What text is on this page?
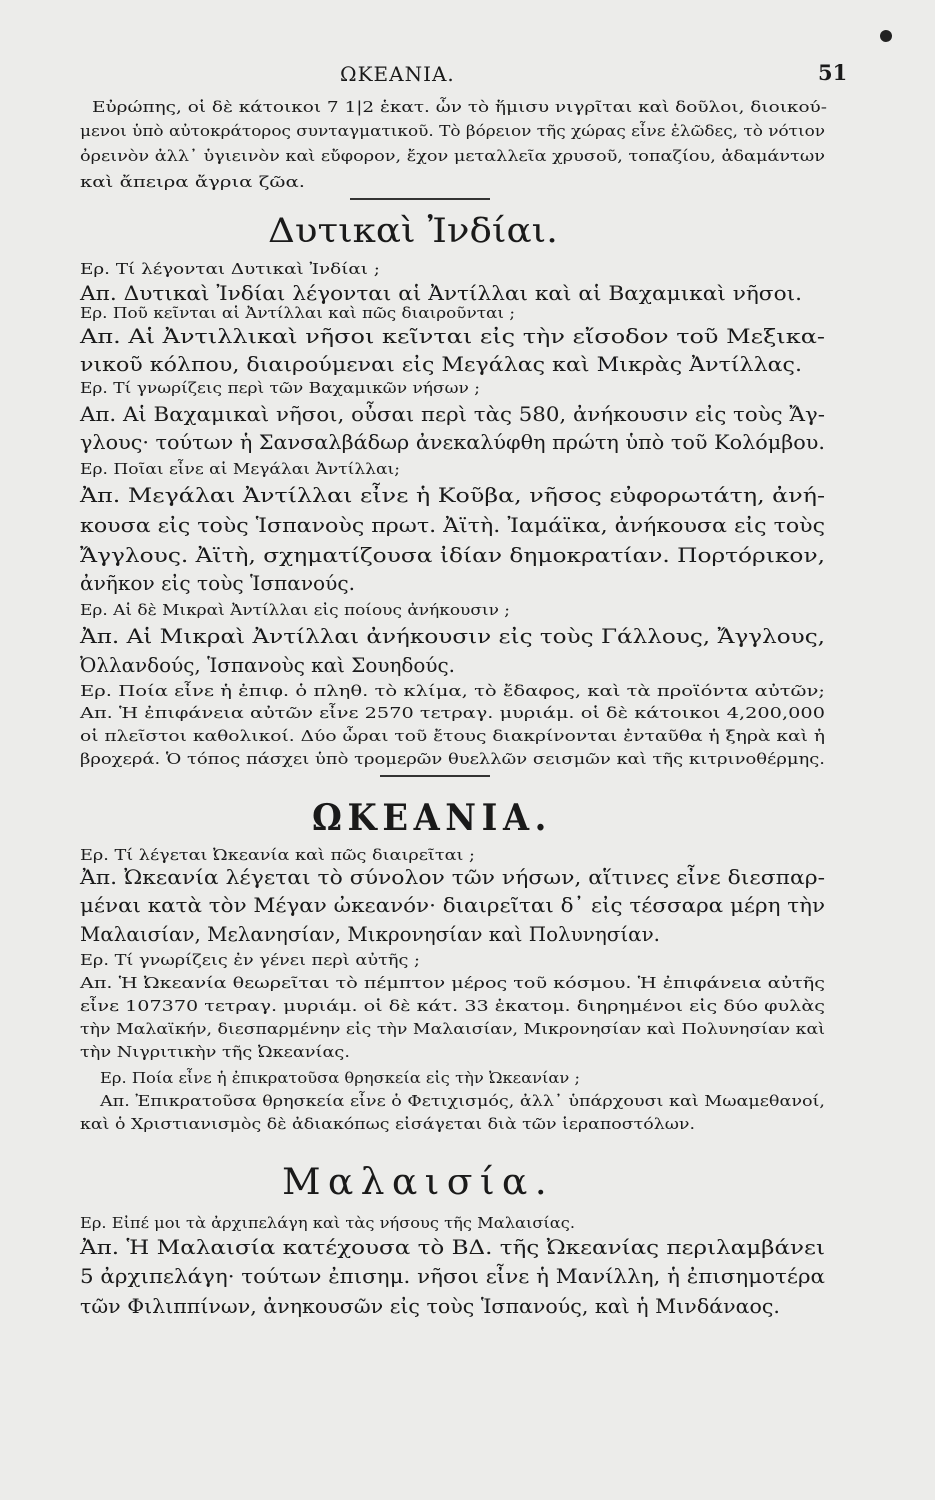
ΩΚΕΑΝΙΑ.	51
Εὐρώπης, οἱ δὲ κάτοικοι 7 1|2 ἑκατ. ὧν τὸ ἥμισυ νιγρῖται καὶ δοῦλοι, διοικού-
μενοι ὑπὸ αὐτοκράτορος συνταγματικοῦ. Τὸ βόρειον τῆς χώρας εἶνε ἑλῶδες, τὸ νότιον
ὀρεινὸν ἀλλ᾽ ὑγιεινὸν καὶ εὔφορον, ἔχον μεταλλεῖα χρυσοῦ, τοπαζίου, ἀδαμάντων
καὶ ἄπειρα ἄγρια ζῶα.
Δυτικαὶ Ἰνδίαι.
Ερ. Τί λέγονται Δυτικαὶ Ἰνδίαι ;
Απ. Δυτικαὶ Ἰνδίαι λέγονται αἱ Ἀντίλλαι καὶ αἱ Βαχαμικαὶ νῆσοι.
Ερ. Ποῦ κεῖνται αἱ Ἀντίλλαι καὶ πῶς διαιροῦνται ;
Απ. Αἱ Ἀντιλλικαὶ νῆσοι κεῖνται εἰς τὴν εἴσοδον τοῦ Μεξικα-
νικοῦ κόλπου, διαιρούμεναι εἰς Μεγάλας καὶ Μικρὰς Ἀντίλλας.
Ερ. Τί γνωρίζεις περὶ τῶν Βαχαμικῶν νήσων ;
Απ. Αἱ Βαχαμικαὶ νῆσοι, οὖσαι περὶ τὰς 580, ἀνήκουσιν εἰς τοὺς Ἄγ-
γλους· τούτων ἡ Σανσαλβάδωρ ἀνεκαλύφθη πρώτη ὑπὸ τοῦ Κολόμβου.
Ερ. Ποῖαι εἶνε αἱ Μεγάλαι Ἀντίλλαι;
Ἀπ. Μεγάλαι Ἀντίλλαι εἶνε ἡ Κοῦβα, νῆσος εὐφορωτάτη, ἀνή-
κουσα εἰς τοὺς Ἱσπανοὺς πρωτ. Ἀϊτὴ. Ἰαμάϊκα, ἀνήκουσα εἰς τοὺς
Ἄγγλους. Ἀϊτὴ, σχηματίζουσα ἰδίαν δημοκρατίαν. Πορτόρικον,
ἀνῆκον εἰς τοὺς Ἱσπανούς.
Ερ. Αἱ δὲ Μικραὶ Ἀντίλλαι εἰς ποίους ἀνήκουσιν ;
Ἀπ. Αἱ Μικραὶ Ἀντίλλαι ἀνήκουσιν εἰς τοὺς Γάλλους, Ἄγγλους,
Ὀλλανδούς, Ἱσπανοὺς καὶ Σουηδούς.
Ερ. Ποία εἶνε ἡ ἐπιφ. ὁ πληθ. τὸ κλίμα, τὸ ἔδαφος, καὶ τὰ προϊόντα αὐτῶν;
Απ. Ἡ ἐπιφάνεια αὐτῶν εἶνε 2570 τετραγ. μυριάμ. οἱ δὲ κάτοικοι 4,200,000
οἱ πλεῖστοι καθολικοί. Δύο ὧραι τοῦ ἔτους διακρίνονται ἐνταῦθα ἡ ξηρὰ καὶ ἡ
βροχερά. Ὁ τόπος πάσχει ὑπὸ τρομερῶν θυελλῶν σεισμῶν καὶ τῆς κιτρινοθέρμης.
ΩΚΕΑΝΙΑ.
Ερ. Τί λέγεται Ὠκεανία καὶ πῶς διαιρεῖται ;
Ἀπ. Ὠκεανία λέγεται τὸ σύνολον τῶν νήσων, αἵτινες εἶνε διεσπαρ-
μέναι κατὰ τὸν Μέγαν ὠκεανόν· διαιρεῖται δ᾽ εἰς τέσσαρα μέρη τὴν
Μαλαισίαν, Μελανησίαν, Μικρονησίαν καὶ Πολυνησίαν.
Ερ. Τί γνωρίζεις ἐν γένει περὶ αὐτῆς ;
Απ. Ἡ Ὠκεανία θεωρεῖται τὸ πέμπτον μέρος τοῦ κόσμου. Ἡ ἐπιφάνεια αὐτῆς
εἶνε 107370 τετραγ. μυριάμ. οἱ δὲ κάτ. 33 ἑκατομ. διηρημένοι εἰς δύο φυλὰς
τὴν Μαλαϊκήν, διεσπαρμένην εἰς τὴν Μαλαισίαν, Μικρονησίαν καὶ Πολυνησίαν καὶ
τὴν Νιγριτικὴν τῆς Ὠκεανίας.
Ερ. Ποία εἶνε ἡ ἐπικρατοῦσα θρησκεία εἰς τὴν Ὠκεανίαν ;
Απ. Ἐπικρατοῦσα θρησκεία εἶνε ὁ Φετιχισμός, ἀλλ᾽ ὑπάρχουσι καὶ Μωαμεθανοί,
καὶ ὁ Χριστιανισμὸς δὲ ἀδιακόπως εἰσάγεται διὰ τῶν ἱεραποστόλων.
Μαλαισία.
Ερ. Εἰπέ μοι τὰ ἀρχιπελάγη καὶ τὰς νήσους τῆς Μαλαισίας.
Ἀπ. Ἡ Μαλαισία κατέχουσα τὸ ΒΔ. τῆς Ὠκεανίας περιλαμβάνει
5 ἀρχιπελάγη· τούτων ἐπισημ. νῆσοι εἶνε ἡ Μανίλλη, ἡ ἐπισημοτέρα
τῶν Φιλιππίνων, ἀνηκουσῶν εἰς τοὺς Ἱσπανούς, καὶ ἡ Μινδάναος.
